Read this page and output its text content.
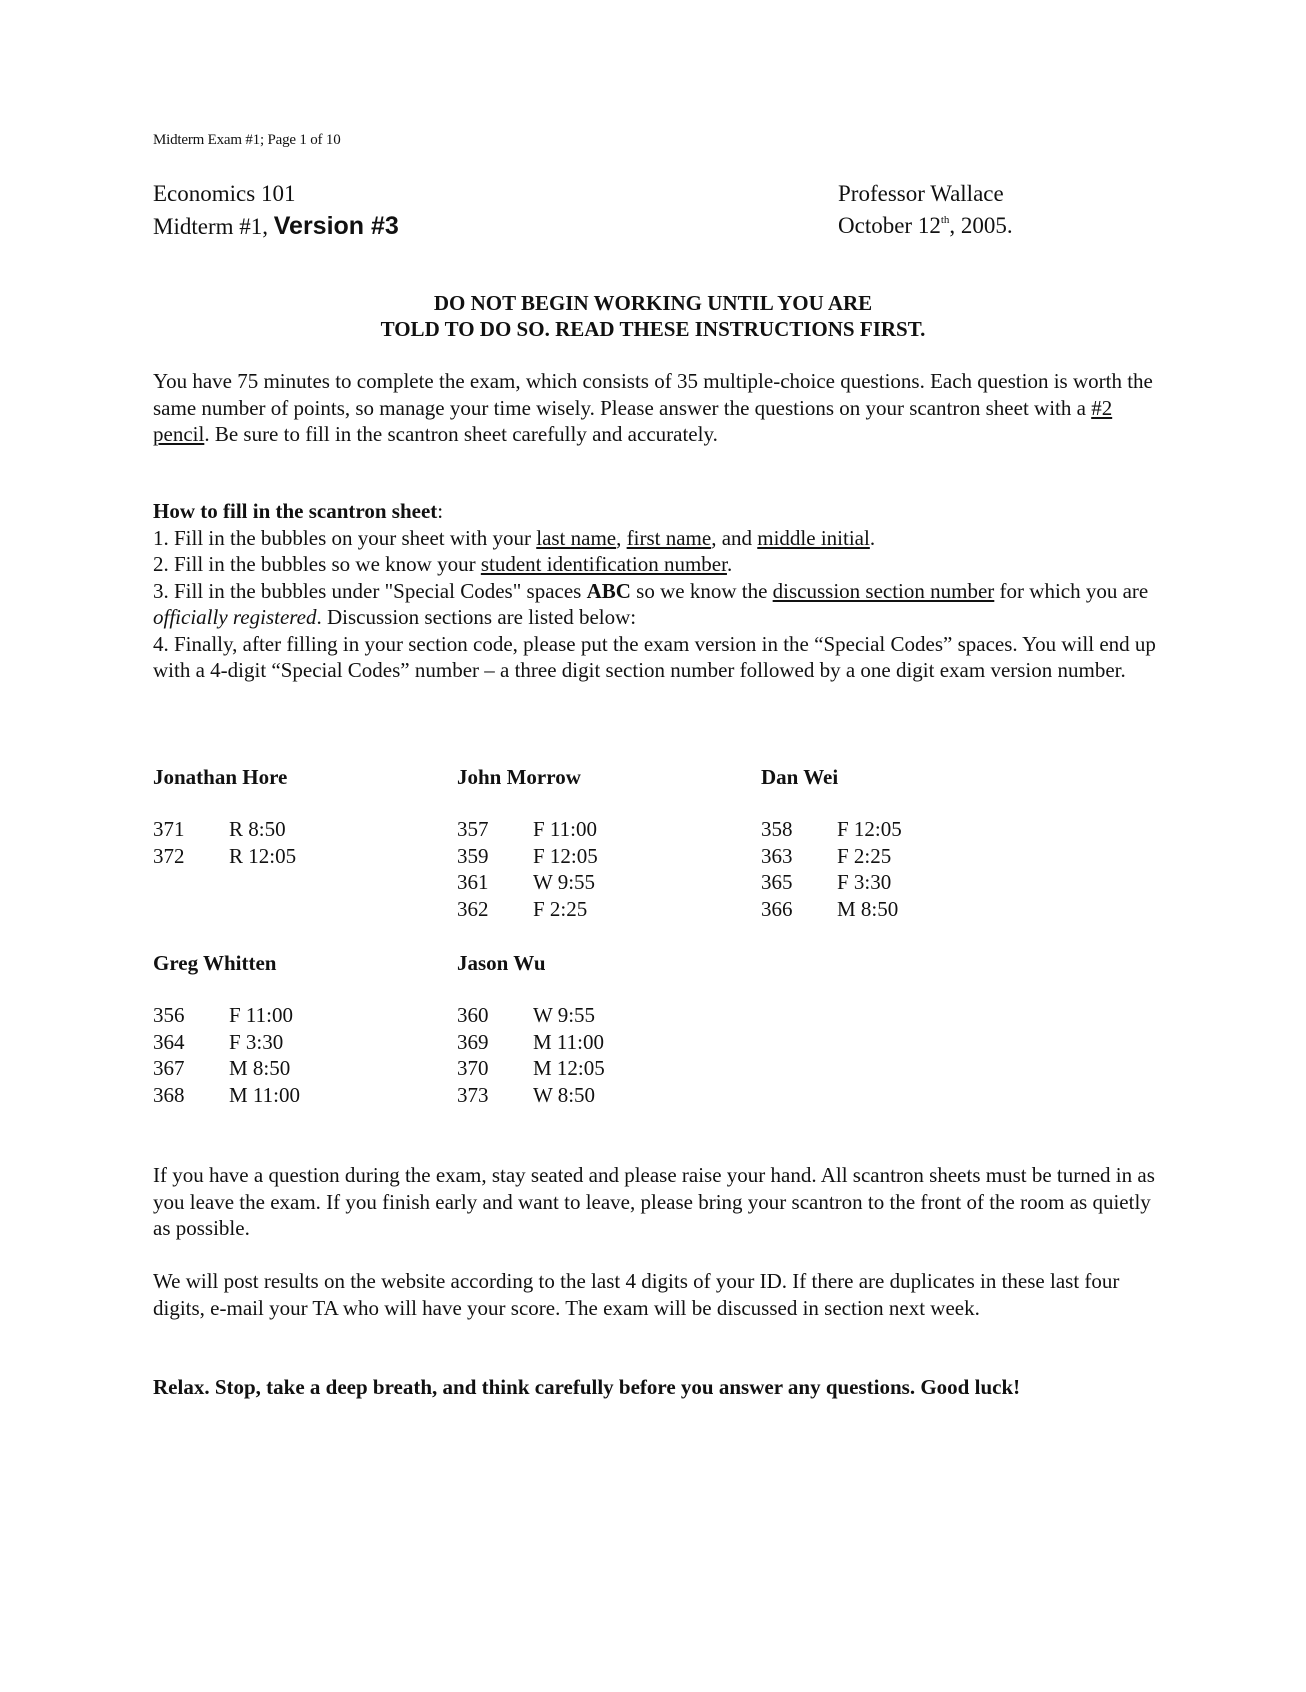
Midterm Exam #1; Page 1 of 10
Economics 101
Midterm #1, Version #3
Professor Wallace
October 12th, 2005.
DO NOT BEGIN WORKING UNTIL YOU ARE
TOLD TO DO SO. READ THESE INSTRUCTIONS FIRST.
You have 75 minutes to complete the exam, which consists of 35 multiple-choice questions. Each question is worth the same number of points, so manage your time wisely. Please answer the questions on your scantron sheet with a #2 pencil. Be sure to fill in the scantron sheet carefully and accurately.
How to fill in the scantron sheet:
1. Fill in the bubbles on your sheet with your last name, first name, and middle initial.
2. Fill in the bubbles so we know your student identification number.
3. Fill in the bubbles under "Special Codes" spaces ABC so we know the discussion section number for which you are officially registered. Discussion sections are listed below:
4. Finally, after filling in your section code, please put the exam version in the “Special Codes” spaces. You will end up with a 4-digit “Special Codes” number – a three digit section number followed by a one digit exam version number.
Jonathan Hore
371	R 8:50
372	R 12:05
John Morrow
357	F 11:00
359	F 12:05
361	W 9:55
362	F 2:25
Dan Wei
358	F 12:05
363	F 2:25
365	F 3:30
366	M 8:50
Greg Whitten
356	F 11:00
364	F 3:30
367	M 8:50
368	M 11:00
Jason Wu
360	W 9:55
369	M 11:00
370	M 12:05
373	W 8:50
If you have a question during the exam, stay seated and please raise your hand. All scantron sheets must be turned in as you leave the exam. If you finish early and want to leave, please bring your scantron to the front of the room as quietly as possible.
We will post results on the website according to the last 4 digits of your ID. If there are duplicates in these last four digits, e-mail your TA who will have your score. The exam will be discussed in section next week.
Relax. Stop, take a deep breath, and think carefully before you answer any questions. Good luck!
